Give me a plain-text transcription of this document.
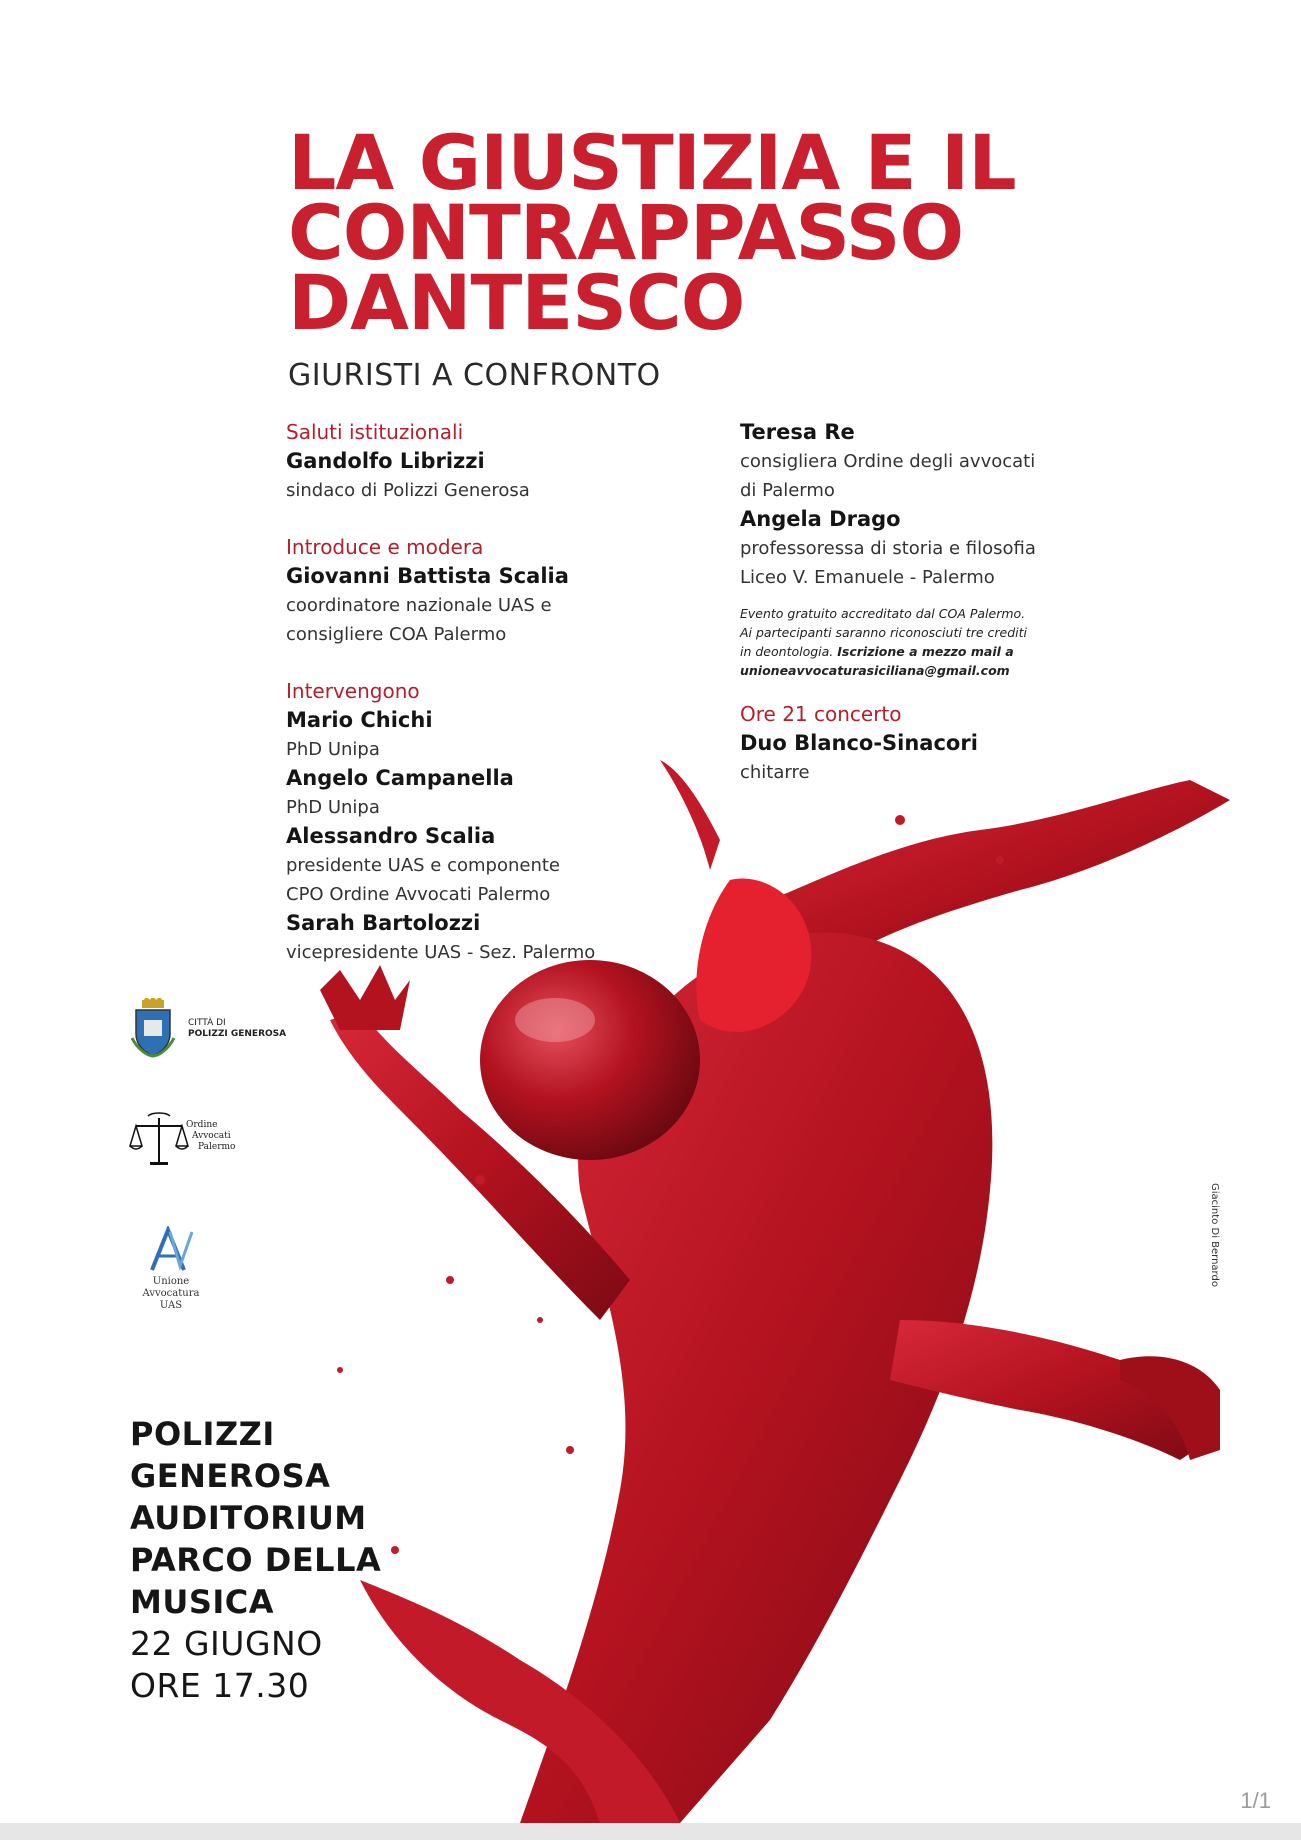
LA GIUSTIZIA E IL
CONTRAPPASSO
DANTESCO
GIURISTI A CONFRONTO
Saluti istituzionali
Gandolfo Librizzi
sindaco di Polizzi Generosa
Introduce e modera
Giovanni Battista Scalia
coordinatore nazionale UAS e
consigliere COA Palermo
Intervengono
Mario Chichi
PhD Unipa
Angelo Campanella
PhD Unipa
Alessandro Scalia
presidente UAS e componente
CPO Ordine Avvocati Palermo
Sarah Bartolozzi
vicepresidente UAS - Sez. Palermo
Teresa Re
consigliera Ordine degli avvocati
di Palermo
Angela Drago
professoressa di storia e filosofia
Liceo V. Emanuele - Palermo
Evento gratuito accreditato dal COA Palermo.
Ai partecipanti saranno riconosciuti tre crediti
in deontologia. Iscrizione a mezzo mail a
unioneavvocaturasiciliana@gmail.com
Ore 21 concerto
Duo Blanco-Sinacori
chitarre
CITTÀ DI
POLIZZI GENEROSA
Ordine
Avvocati
Palermo
Unione Avvocatura
UAS
POLIZZI
GENEROSA
AUDITORIUM
PARCO DELLA
MUSICA
22 GIUGNO
ORE 17.30
Giacinto Di Bernardo
1/1
